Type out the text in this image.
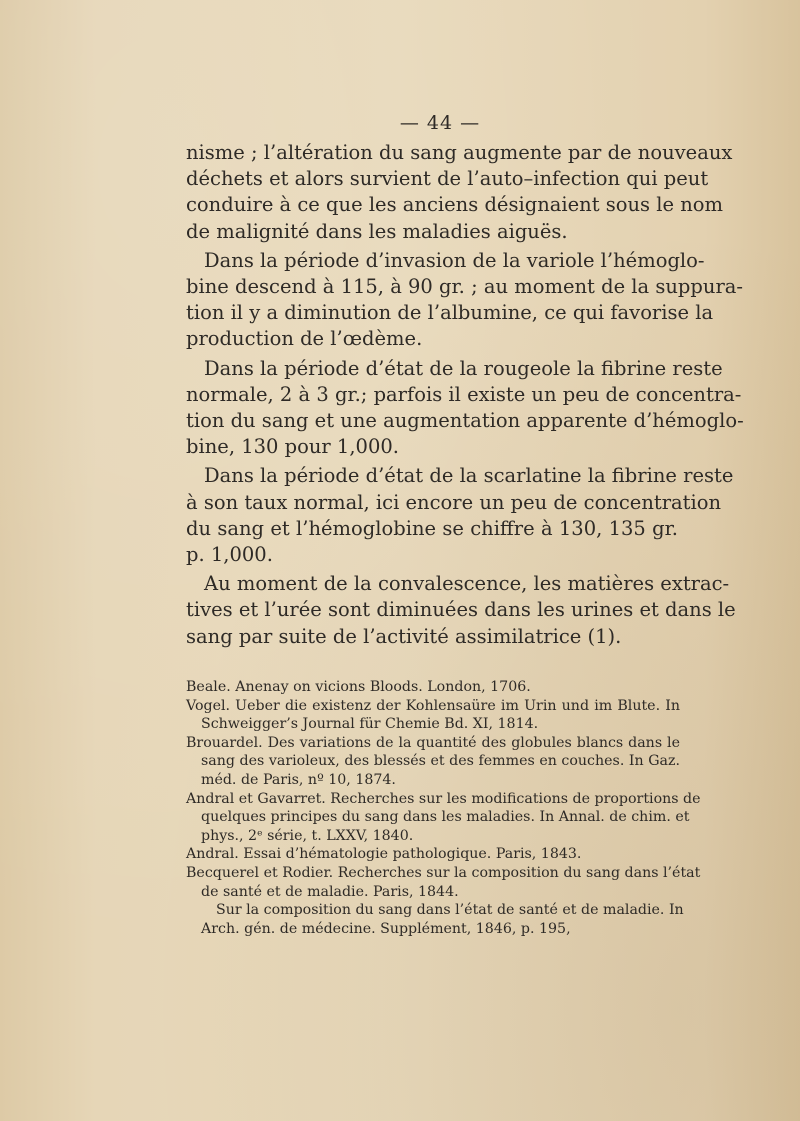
— 44 —

nisme ; l’altération du sang augmente par de nouveaux
déchets et alors survient de l’auto–infection qui peut
conduire à ce que les anciens désignaient sous le nom
de malignité dans les maladies aiguës.

Dans la période d’invasion de la variole l’hémoglo-
bine descend à 115, à 90 gr. ; au moment de la suppura-
tion il y a diminution de l’albumine, ce qui favorise la
production de l’œdème.

Dans la période d’état de la rougeole la fibrine reste
normale, 2 à 3 gr.; parfois il existe un peu de concentra-
tion du sang et une augmentation apparente d’hémoglo-
bine, 130 pour 1,000.

Dans la période d’état de la scarlatine la fibrine reste
à son taux normal, ici encore un peu de concentration
du sang et l’hémoglobine se chiffre à 130, 135 gr.
p. 1,000.

Au moment de la convalescence, les matières extrac-
tives et l’urée sont diminuées dans les urines et dans le
sang par suite de l’activité assimilatrice (1).

Beale. Anenay on vicions Bloods. London, 1706.
Vogel. Ueber die existenz der Kohlensaüre im Urin und im Blute. In
Schweigger’s Journal für Chemie Bd. XI, 1814.
Brouardel. Des variations de la quantité des globules blancs dans le
sang des varioleux, des blessés et des femmes en couches. In Gaz.
méd. de Paris, nº 10, 1874.
Andral et Gavarret. Recherches sur les modifications de proportions de
quelques principes du sang dans les maladies. In Annal. de chim. et
phys., 2ᵉ série, t. LXXV, 1840.
Andral. Essai d’hématologie pathologique. Paris, 1843.
Becquerel et Rodier. Recherches sur la composition du sang dans l’état
de santé et de maladie. Paris, 1844.
Sur la composition du sang dans l’état de santé et de maladie. In
Arch. gén. de médecine. Supplément, 1846, p. 195,
